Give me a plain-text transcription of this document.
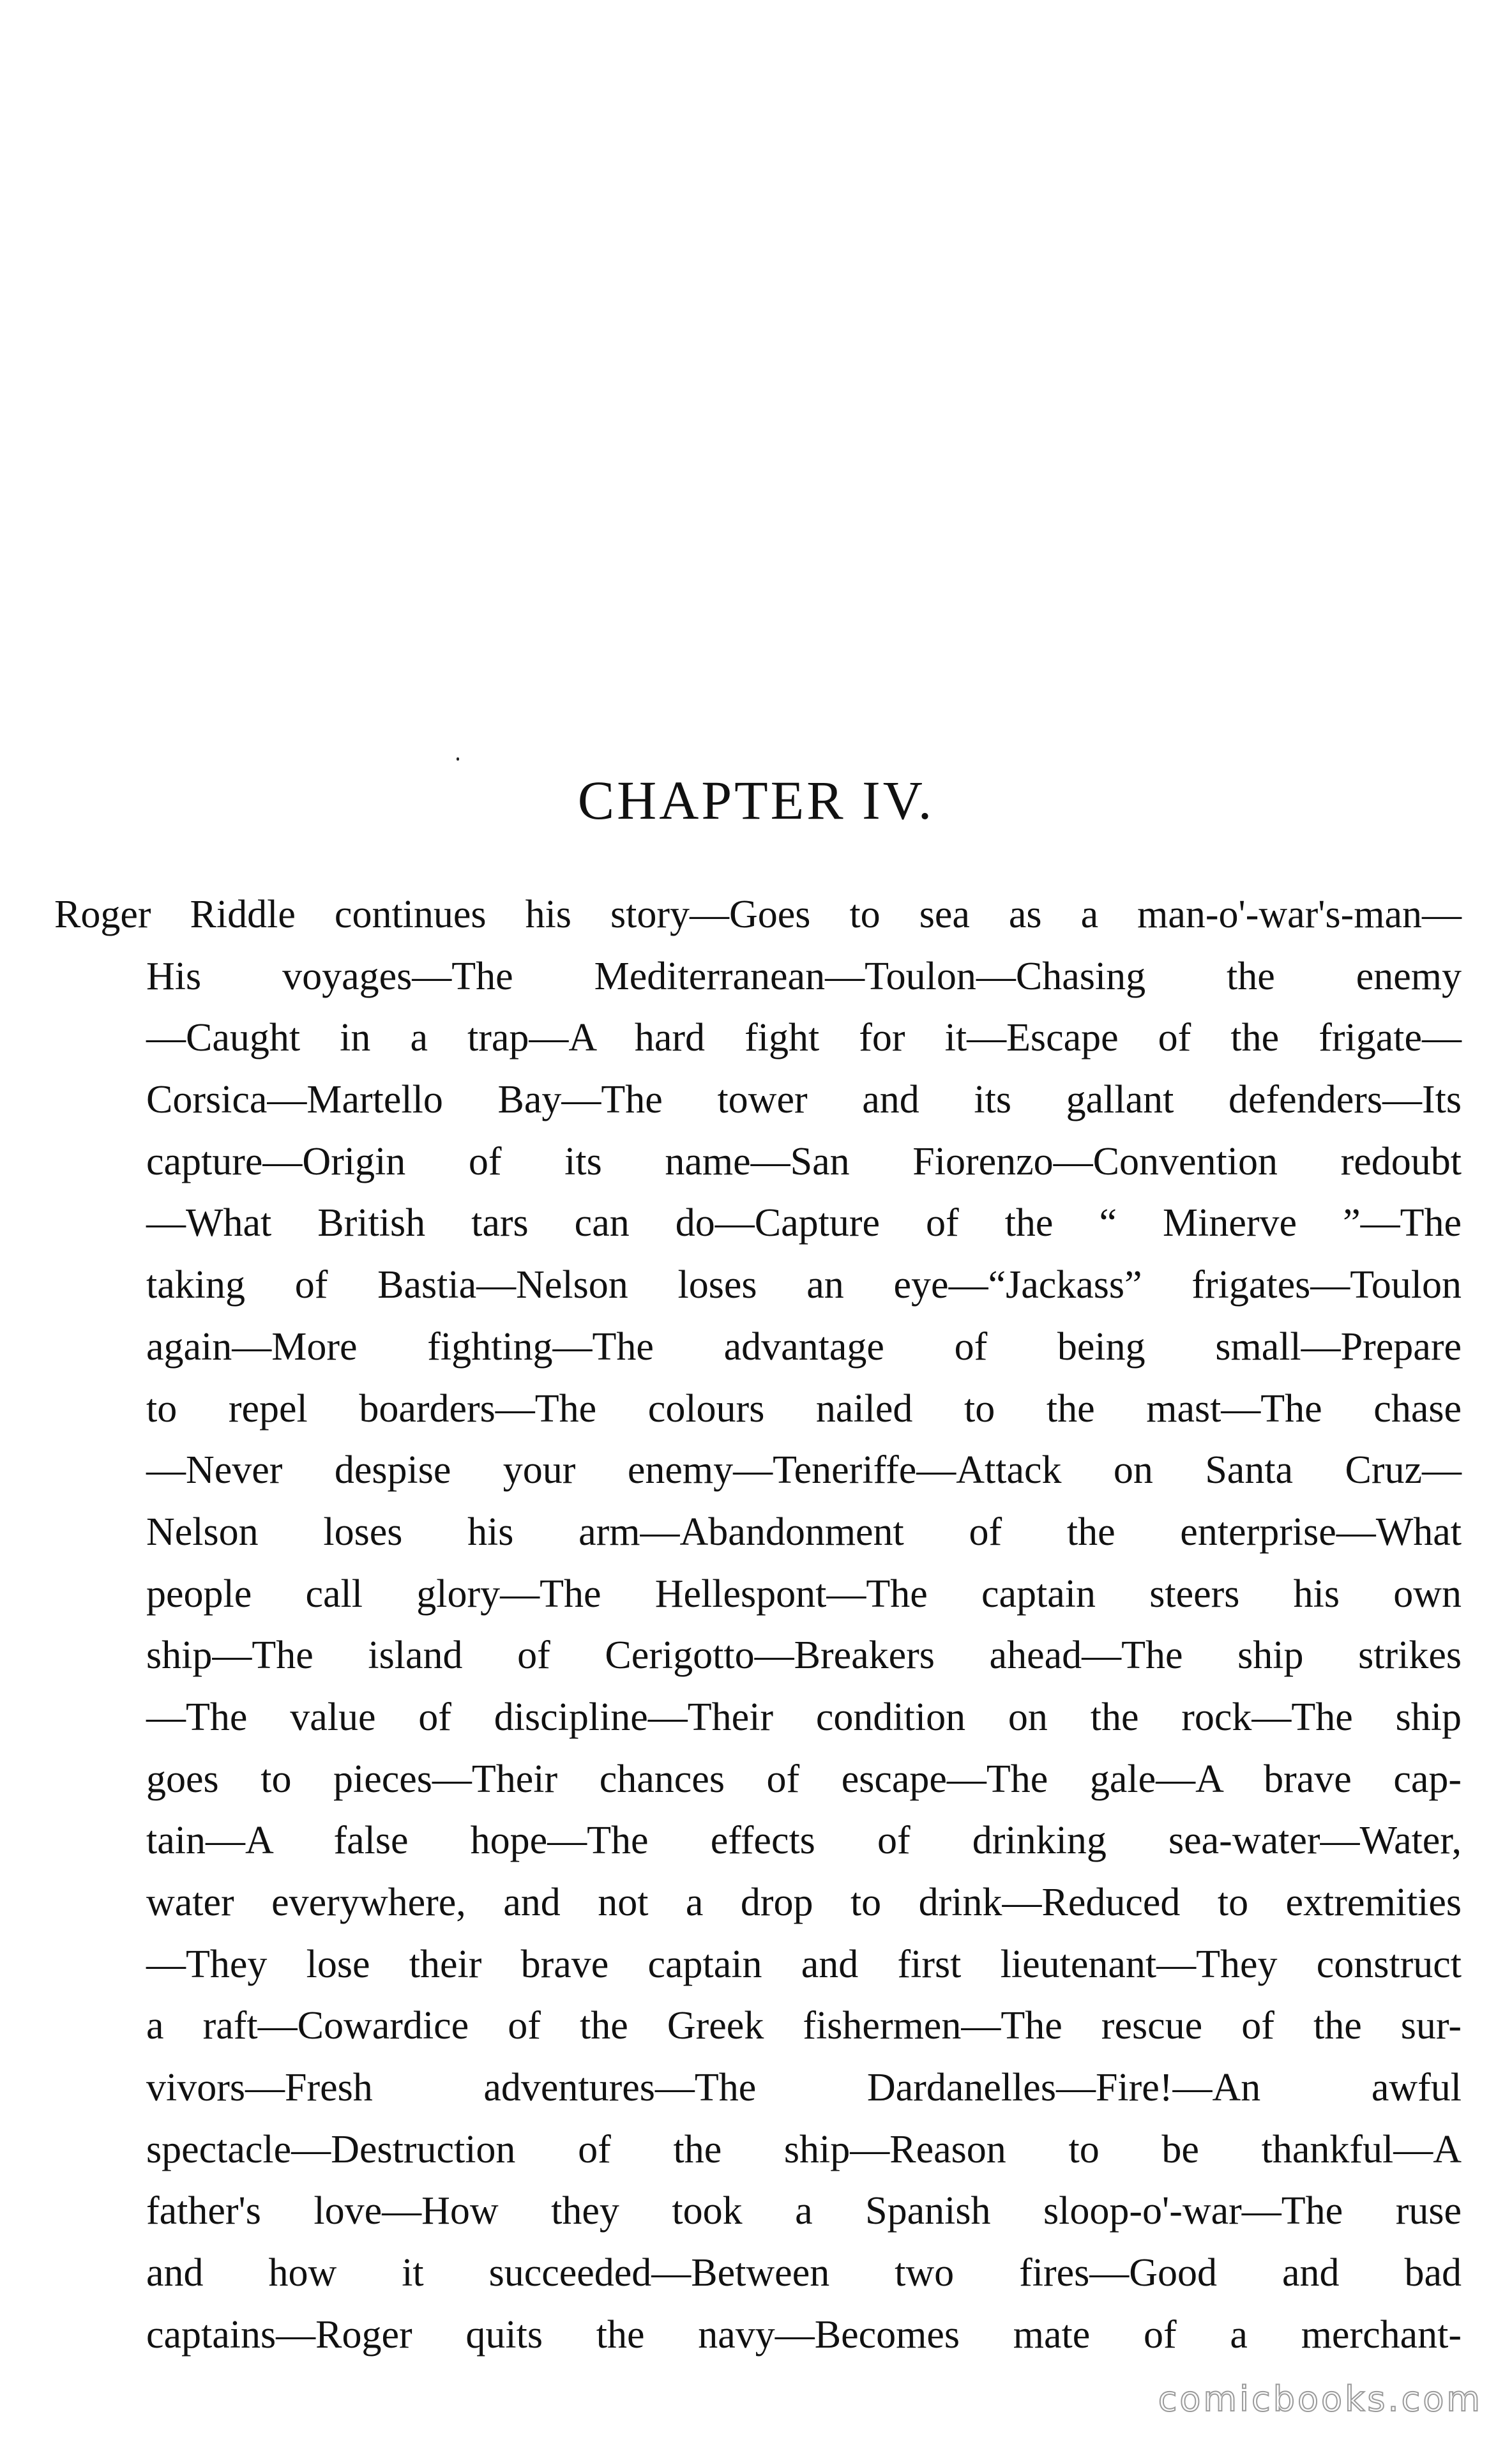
CHAPTER IV.
Roger Riddle continues his story—Goes to sea as a man-o'-war's-man—
His voyages—The Mediterranean—Toulon—Chasing the enemy
—Caught in a trap—A hard fight for it—Escape of the frigate—
Corsica—Martello Bay—The tower and its gallant defenders—Its
capture—Origin of its name—San Fiorenzo—Convention redoubt
—What British tars can do—Capture of the “ Minerve ”—The
taking of Bastia—Nelson loses an eye—“Jackass” frigates—Toulon
again—More fighting—The advantage of being small—Prepare
to repel boarders—The colours nailed to the mast—The chase
—Never despise your enemy—Teneriffe—Attack on Santa Cruz—
Nelson loses his arm—Abandonment of the enterprise—What
people call glory—The Hellespont—The captain steers his own
ship—The island of Cerigotto—Breakers ahead—The ship strikes
—The value of discipline—Their condition on the rock—The ship
goes to pieces—Their chances of escape—The gale—A brave cap-
tain—A false hope—The effects of drinking sea-water—Water,
water everywhere, and not a drop to drink—Reduced to extremities
—They lose their brave captain and first lieutenant—They construct
a raft—Cowardice of the Greek fishermen—The rescue of the sur-
vivors—Fresh adventures—The Dardanelles—Fire!—An awful
spectacle—Destruction of the ship—Reason to be thankful—A
father's love—How they took a Spanish sloop-o'-war—The ruse
and how it succeeded—Between two fires—Good and bad
captains—Roger quits the navy—Becomes mate of a merchant-
comicbooks.com
